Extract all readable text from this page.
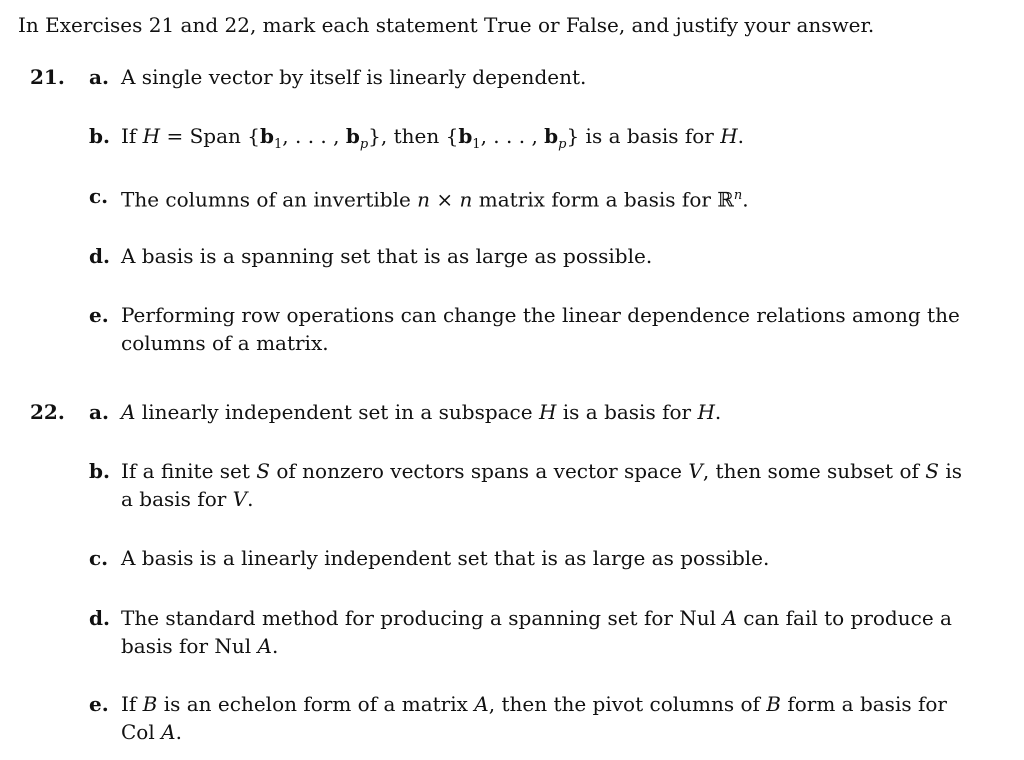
In Exercises 21 and 22, mark each statement True or False, and justify your answer.
21. a. A single vector by itself is linearly dependent.
b. If H = Span {$b_1$, . . . , $b_p$}, then {$b_1$, . . . , $b_p$} is a basis for H.
c. The columns of an invertible n × n matrix form a basis for ℝ$^n$.
d. A basis is a spanning set that is as large as possible.
e. Performing row operations can change the linear dependence relations among the columns of a matrix.
22. a. A linearly independent set in a subspace H is a basis for H.
b. If a finite set S of nonzero vectors spans a vector space V, then some subset of S is a basis for V.
c. A basis is a linearly independent set that is as large as possible.
d. The standard method for producing a spanning set for Nul A can fail to produce a basis for Nul A.
e. If B is an echelon form of a matrix A, then the pivot columns of B form a basis for Col A.
